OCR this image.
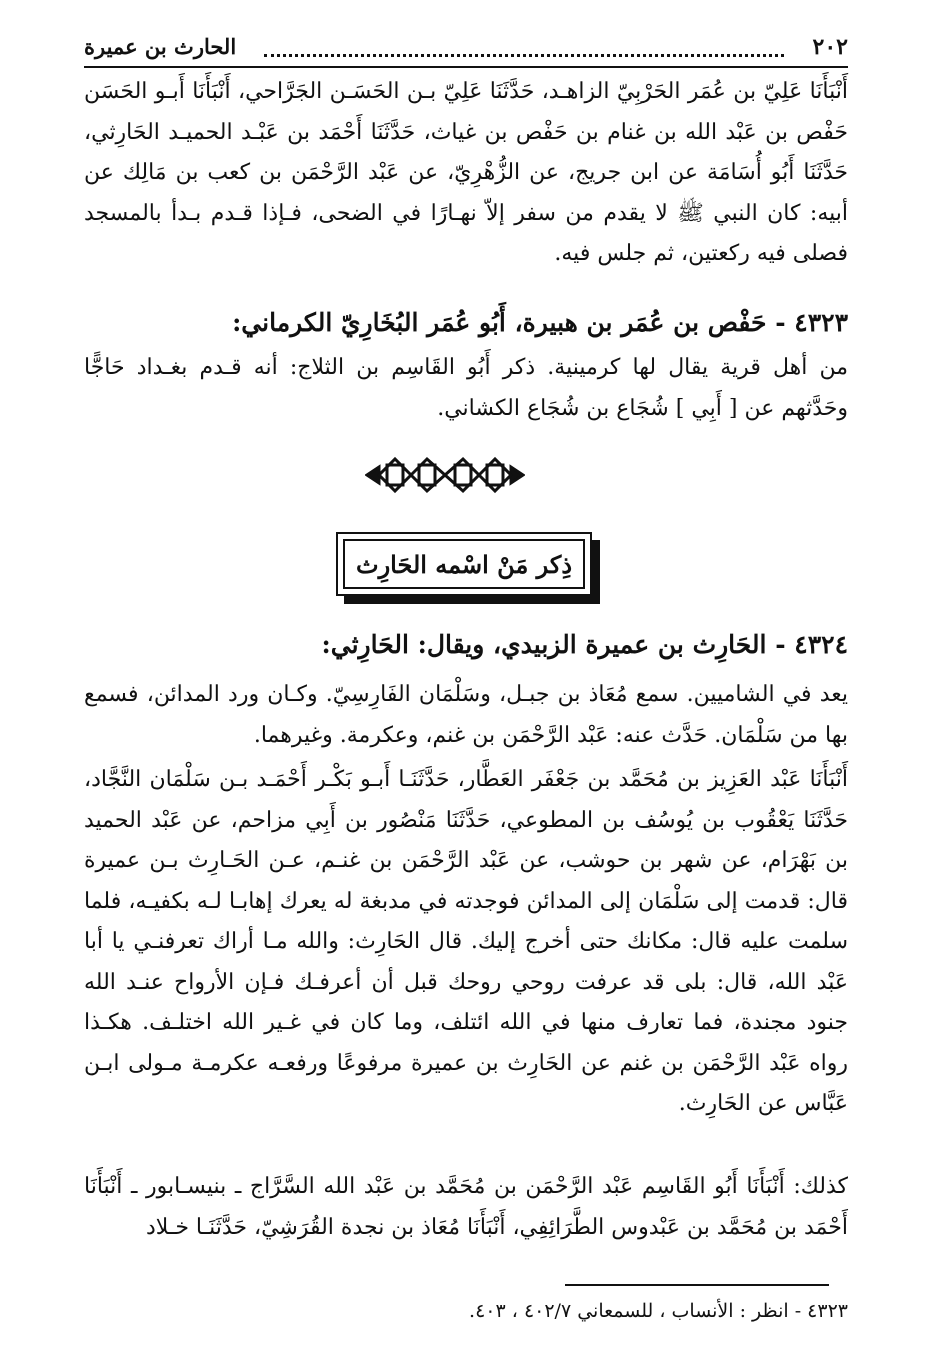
٢٠٢
الحارث بن عميرة
أَنْبَأَنَا عَلِيّ بن عُمَر الحَرْبِيّ الزاهـد، حَدَّثَنَا عَلِيّ بـن الحَسَـن الجَرَّاحي، أَنْبَأَنَا أَبـو الحَسَن حَفْص بن عَبْد الله بن غنام بن حَفْص بن غياث، حَدَّثَنَا أَحْمَد بن عَبْـد الحميـد الحَارِثي، حَدَّثَنَا أَبُو أُسَامَة عن ابن جريج، عن الزُّهْرِيّ، عن عَبْد الرَّحْمَن بن كعب بن مَالِك عن أبيه: كان النبي ﷺ لا يقدم من سفر إلاّ نهـارًا في الضحى، فـإذا قـدم بـدأ بالمسجد فصلى فيه ركعتين، ثم جلس فيه.
٤٣٢٣ - حَفْص بن عُمَر بن هبيرة، أَبُو عُمَر البُخَارِيّ الكرماني:
من أهل قرية يقال لها كرمينية. ذكر أَبُو القَاسِم بن الثلاج: أنه قـدم بغـداد حَاجًّا وحَدَّثهم عن [ أَبِي ] شُجَاع بن شُجَاع الكشاني.
ذِكر مَنْ اسْمه الحَارِث
٤٣٢٤ - الحَارِث بن عميرة الزبيدي، ويقال: الحَارِثي:
يعد في الشاميين. سمع مُعَاذ بن جبـل، وسَلْمَان الفَارِسِيّ. وكـان ورد المدائن، فسمع بها من سَلْمَان. حَدَّث عنه: عَبْد الرَّحْمَن بن غنم، وعكرمة. وغيرهما.
أَنْبَأَنَا عَبْد العَزِيز بن مُحَمَّد بن جَعْفَر العَطَّار، حَدَّثَنَـا أَبـو بَكْـر أَحْمَـد بـن سَلْمَان النَّجَّاد، حَدَّثَنَا يَعْقُوب بن يُوسُف بن المطوعي، حَدَّثَنَا مَنْصُور بن أَبِي مزاحم، عن عَبْد الحميد بن بَهْرَام، عن شهر بن حوشب، عن عَبْد الرَّحْمَن بن غنـم، عـن الحَـارِث بـن عميرة قال: قدمت إلى سَلْمَان إلى المدائن فوجدته في مدبغة له يعرك إهابـا لـه بكفيـه، فلما سلمت عليه قال: مكانك حتى أخرج إليك. قال الحَارِث: والله مـا أراك تعرفنـي يا أبا عَبْد الله، قال: بلى قد عرفت روحي روحك قبل أن أعرفـك فـإن الأرواح عنـد الله جنود مجندة، فما تعارف منها في الله ائتلف، وما كان في غـير الله اختلـف. هكـذا رواه عَبْد الرَّحْمَن بن غنم عن الحَارِث بن عميرة مرفوعًا ورفعـه عكرمـة مـولى ابـن عَبَّاس عن الحَارِث.
كذلك: أَنْبَأَنَا أَبُو القَاسِم عَبْد الرَّحْمَن بن مُحَمَّد بن عَبْد الله السَّرَّاج ـ بنيسـابور ـ أَنْبَأَنَا أَحْمَد بن مُحَمَّد بن عَبْدوس الطَّرَائِفِي، أَنْبَأَنَا مُعَاذ بن نجدة القُرَشِيّ، حَدَّثَنَـا خـلاد
٤٣٢٣ - انظر : الأنساب ، للسمعاني ٤٠٢/٧ ، ٤٠٣.
